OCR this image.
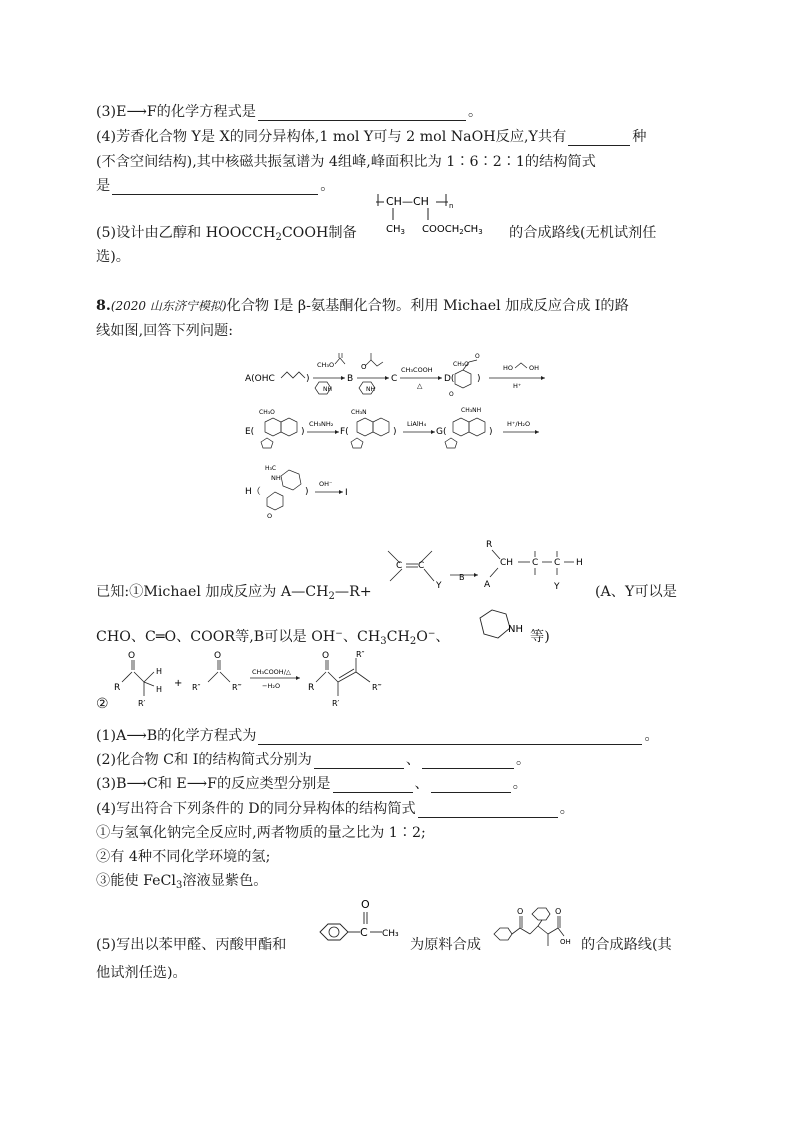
(3)E⟶F的化学方程式是	。
(4)芳香化合物 Y是 X的同分异构体,1 mol Y可与 2 mol NaOH反应,Y共有	种
(不含空间结构),其中核磁共振氢谱为 4组峰,峰面积比为 1∶6∶2∶1的结构简式
是	。
(5)设计由乙醇和 $HOOCCH_2COOH$制备	的合成路线(无机试剂任
选)。
CH—CH	n
$CH_3$ $COOCH_2CH_3$
8.(2020 山东济宁模拟)化合物 I是 β-氨基酮化合物。利用 Michael 加成反应合成 I的路
线如图,回答下列问题:
A(OHC	)
CH₃O
NH
B
O
NH
C
CH₃COOH
△
D(
O
CH₃O
O
)
HO OH
H⁺
E(
CH₃O
)
CH₃NH₂
F(
CH₃N
)
LiAlH₄
G(
CH₃NH
)
H⁺/H₂O
H（
H₃C
NH
O
)
OH⁻
I
已知:①Michael 加成反应为 $A—CH_2—R+$	(A、Y可以是
C C
Y
B
R
CH C C H
A	Y
CHO、C═O、COOR等,B可以是 OH−、$CH_3CH_2O^-$、	NH 等)
O
R
H
H
R′
+
O
R″	R‴
CH₃COOH/△
−H₂O
O
R
R′
R″
R‴
②
(1)A⟶B的化学方程式为	。
(2)化合物 C和 I的结构简式分别为	、	。
(3)B⟶C和 E⟶F的反应类型分别是	、	。
(4)写出符合下列条件的 D的同分异构体的结构简式	。
①与氢氧化钠完全反应时,两者物质的量之比为 1∶2;
②有 4种不同化学环境的氢;
③能使 FeCl$_3$溶液显紫色。
(5)写出以苯甲醛、丙酸甲酯和
C
O
CH₃
为原料合成
O	O
OH 的合成路线(其
他试剂任选)。
